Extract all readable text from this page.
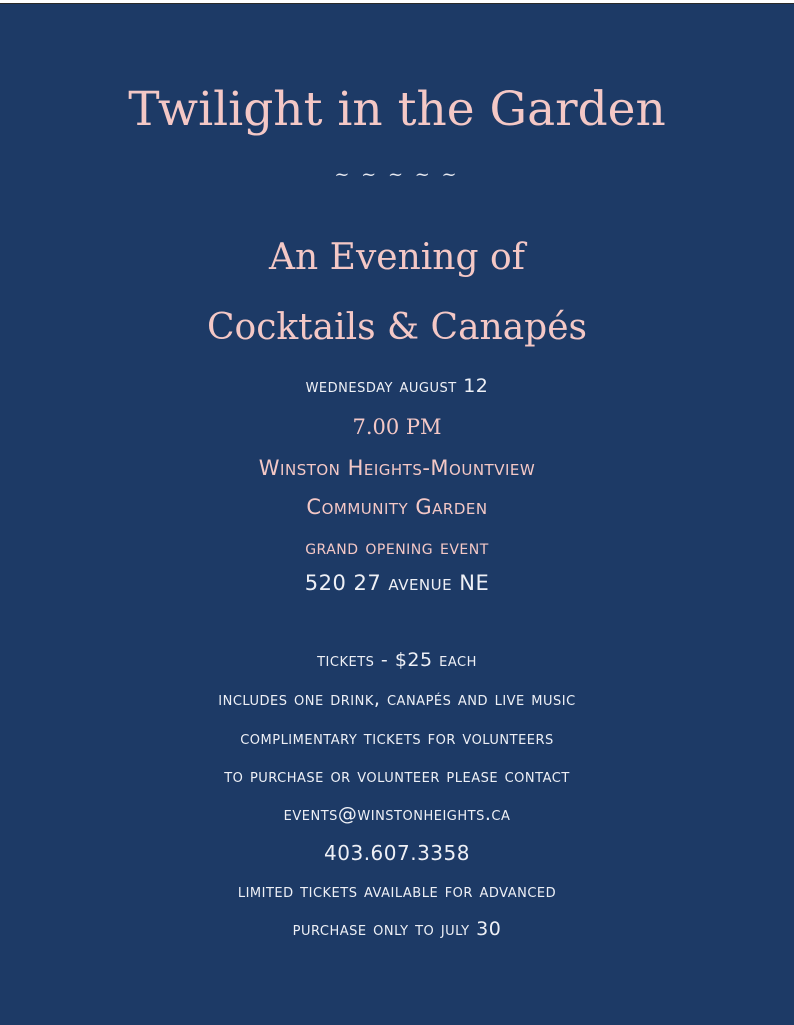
Twilight in the Garden
~ ~ ~ ~ ~
An Evening of
Cocktails & Canapés
wednesday august 12
7.00 PM
Winston Heights-Mountview
Community Garden
grand opening event
520 27 avenue NE
tickets - $25 each
includes one drink, canapés and live music
complimentary tickets for volunteers
to purchase or volunteer please contact
events@winstonheights.ca
403.607.3358
limited tickets available for advanced
purchase only to july 30
